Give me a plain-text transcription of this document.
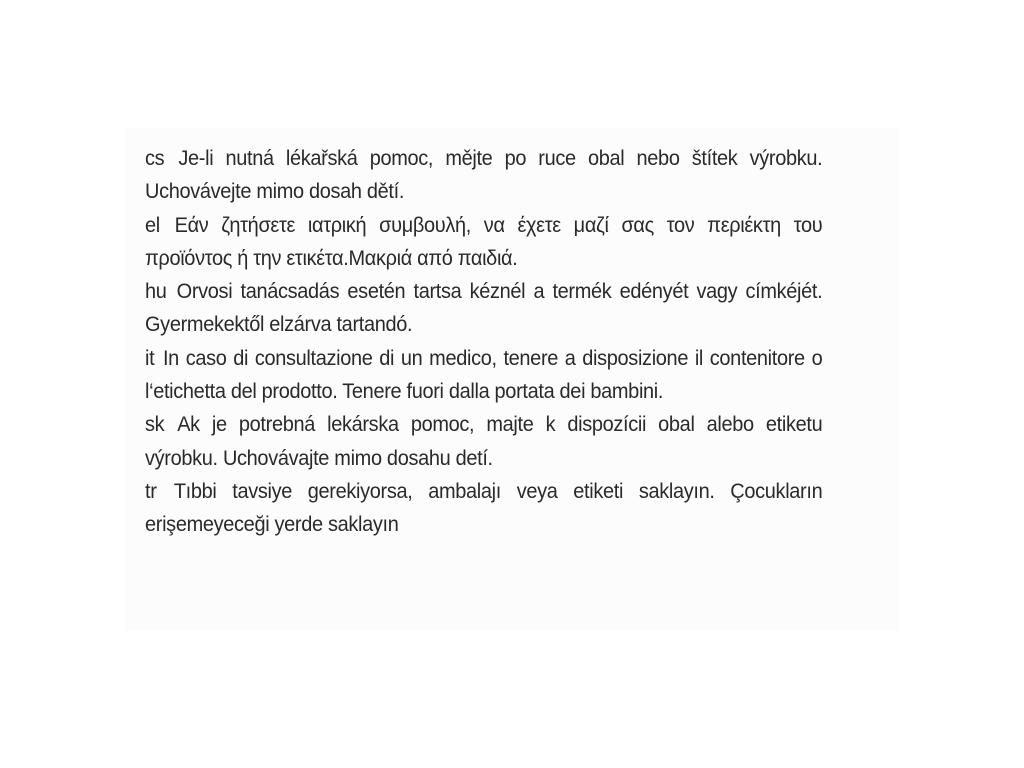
cs Je-li nutná lékařská pomoc, mějte po ruce obal nebo štítek výrobku. Uchovávejte mimo dosah dětí.

el Εάν ζητήσετε ιατρική συμβουλή, να έχετε μαζί σας τον περιέκτη του προϊόντος ή την ετικέτα.Μακριά από παιδιά.

hu Orvosi tanácsadás esetén tartsa kéznél a termék edényét vagy címkéjét. Gyermekektől elzárva tartandó.

it In caso di consultazione di un medico, tenere a disposizione il contenitore o l‘etichetta del prodotto. Tenere fuori dalla portata dei bambini.

sk Ak je potrebná lekárska pomoc, majte k dispozícii obal alebo etiketu výrobku. Uchovávajte mimo dosahu detí.

tr Tıbbi tavsiye gerekiyorsa, ambalajı veya etiketi saklayın. Çocukların erişemeyeceği yerde saklayın
